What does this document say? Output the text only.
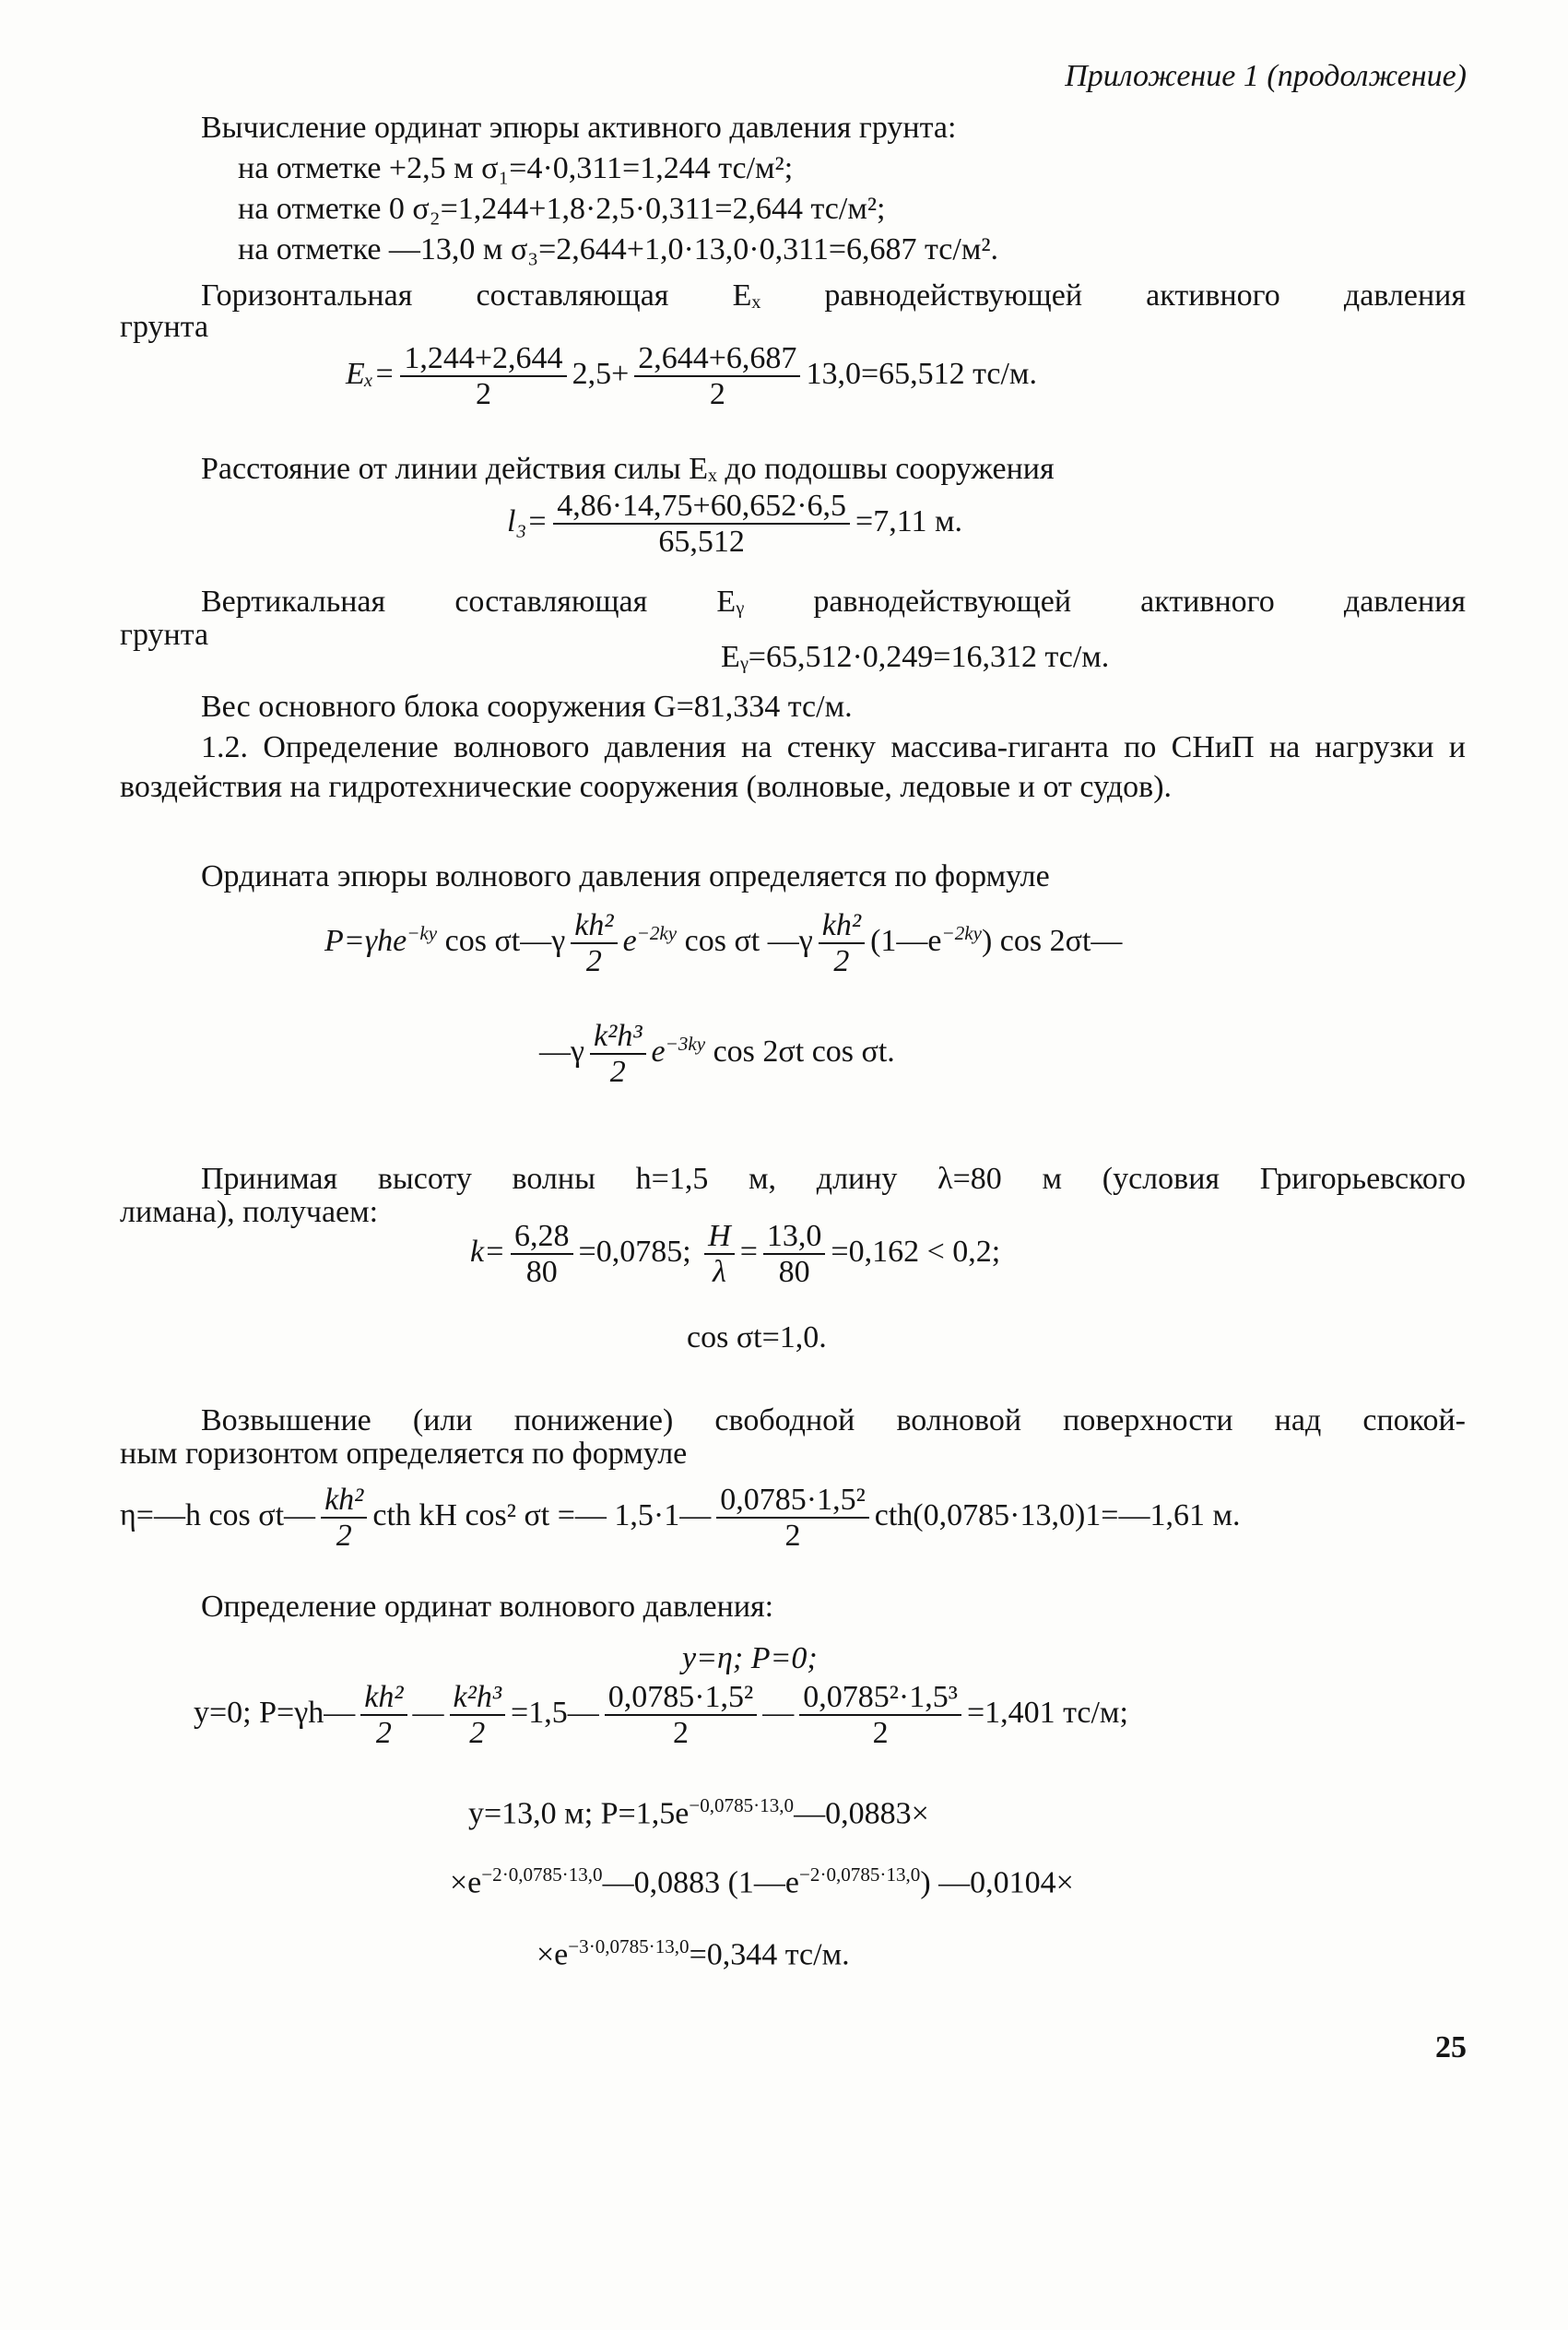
Приложение 1 (продолжение)
Вычисление ординат эпюры активного давления грунта:
на отметке +2,5 м σ₁=4·0,311=1,244 тс/м²;
на отметке 0 σ₂=1,244+1,8·2,5·0,311=2,644 тс/м²;
на отметке —13,0 м σ₃=2,644+1,0·13,0·0,311=6,687 тс/м².
Горизонтальная составляющая Eₓ равнодействующей активного давления
грунта
$E_x= \frac{1,244+2,644}{2} 2,5+ \frac{2,644+6,687}{2} 13,0=65,512$ тс/м.
Расстояние от линии действия силы Eₓ до подошвы сооружения
$l_3= \frac{4,86\cdot 14,75+60,652\cdot 6,5}{65,512} =7,11$ м.
Вертикальная составляющая Eᵧ равнодействующей активного давления
грунта
Eᵧ=65,512·0,249=16,312 тс/м.
Вес основного блока сооружения G=81,334 тс/м.
1.2. Определение волнового давления на стенку массива-гиганта по СНиП на нагрузки и воздействия на гидротехнические сооружения (волновые, ледовые и от судов).
Ордината эпюры волнового давления определяется по формуле
P=γhe$^{-ky}$ cos σt—γ $\frac{\text{kh²}}{2} e^{-2ky}$ cos σt —γ $\frac{\text{kh²}}{2}$ $(1—e^{-2ky})$ cos 2σt—
—γ $\frac{\text{k²h³}}{2} e^{-3ky}$ cos 2σt cos σt.
Принимая высоту волны h=1,5 м, длину λ=80 м (условия Григорьевского
лимана), получаем:
$k= \frac{6,28}{80} =0,0785$; $\frac{H}{\lambda} = \frac{13,0}{80} =0,162 < 0,2$;
cos σt=1,0.
Возвышение (или понижение) свободной волновой поверхности над спокой-
ным горизонтом определяется по формуле
η=—h cos σt— $\frac{\text{kh²}}{2}$ cth kH cos² σt =— 1,5·1— $\frac{\text{0,0785·1,5²}}{2}$ cth(0,0785·13,0)1=—1,61 м.
Определение ординат волнового давления:
y=η; P=0;
y=0; P=γh— $\frac{\text{kh²}}{2}$ — $\frac{\text{k²h³}}{2}$ =1,5— $\frac{\text{0,0785·1,5²}}{2}$ — $\frac{\text{0,0785²·1,5³}}{2} =1,401$ тс/м;
y=13,0 м; $P=1,5e^{-0,0785\cdot 13,0}—0,0883\times$
$\times e^{-2\cdot 0,0785\cdot 13,0}—0,0883$ $(1—e^{-2\cdot 0,0785\cdot 13,0})$ —0,0104×
$\times e^{-3\cdot 0,0785\cdot 13,0}=0,344$ тс/м.
25
